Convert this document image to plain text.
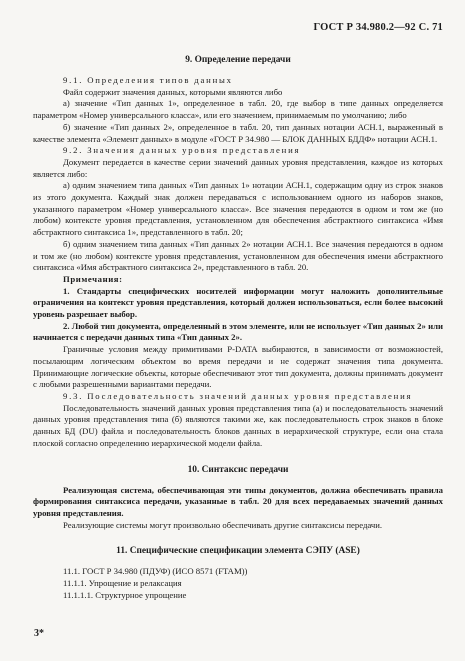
ГОСТ Р 34.980.2—92 С. 71

9. Определение передачи

9.1. Определения типов данных

Файл содержит значения данных, которыми являются либо

а) значение «Тип данных 1», определенное в табл. 20, где выбор в типе данных определяется параметром «Номер универсального класса», или его значением, принимаемым по умолчанию; либо

б) значение «Тип данных 2», определенное в табл. 20, тип данных нотации АСН.1, выраженный в качестве элемента «Элемент данных» в модуле «ГОСТ Р 34.980 — БЛОК ДАННЫХ БДДФ» нотации АСН.1.

9.2. Значения данных уровня представления

Документ передается в качестве серии значений данных уровня представления, каждое из которых является либо:

а) одним значением типа данных «Тип данных 1» нотации АСН.1, содержащим одну из строк знаков из этого документа. Каждый знак должен передаваться с использованием одного из наборов знаков, указанного параметром «Номер универсального класса». Все значения передаются в одном и том же (но любом) контексте уровня представления, установленном для обеспечения абстрактного синтаксиса «Имя абстрактного синтаксиса 1», представленного в табл. 20;

б) одним значением типа данных «Тип данных 2» нотации АСН.1. Все значения передаются в одном и том же (но любом) контексте уровня представления, установленном для обеспечения имени абстрактного синтаксиса «Имя абстрактного синтаксиса 2», представленного в табл. 20.

Примечания:

1. Стандарты специфических носителей информации могут наложить дополнительные ограничения на контекст уровня представления, который должен использоваться, если более высокий уровень разрешает выбор.

2. Любой тип документа, определенный в этом элементе, или не использует «Тип данных 2» или начинается с передачи данных типа «Тип данных 2».

Граничные условия между примитивами P-DATA выбираются, в зависимости от возможностей, посылающим логическим объектом во время передачи и не содержат значения типа документа. Принимающие логические объекты, которые обеспечивают этот тип документа, должны принимать документ с любыми разрешенными вариантами передачи.

9.3. Последовательность значений данных уровня представления

Последовательность значений данных уровня представления типа (а) и последовательность значений данных уровня представления типа (б) являются такими же, как последовательность строк знаков в блоке данных БД (DU) файла и последовательность блоков данных в иерархической структуре, если она стала плоской согласно определению иерархической модели файла.

10. Синтаксис передачи

Реализующая система, обеспечивающая эти типы документов, должна обеспечивать правила формирования синтаксиса передачи, указанные в табл. 20 для всех передаваемых значений данных уровня представления.

Реализующие системы могут произвольно обеспечивать другие синтаксисы передачи.

11. Специфические спецификации элемента СЭПУ (ASE)

11.1. ГОСТ Р 34.980 (ПДУФ) (ИСО 8571 (FTAM))

11.1.1. Упрощение и релаксация

11.1.1.1. Структурное упрощение

3*
